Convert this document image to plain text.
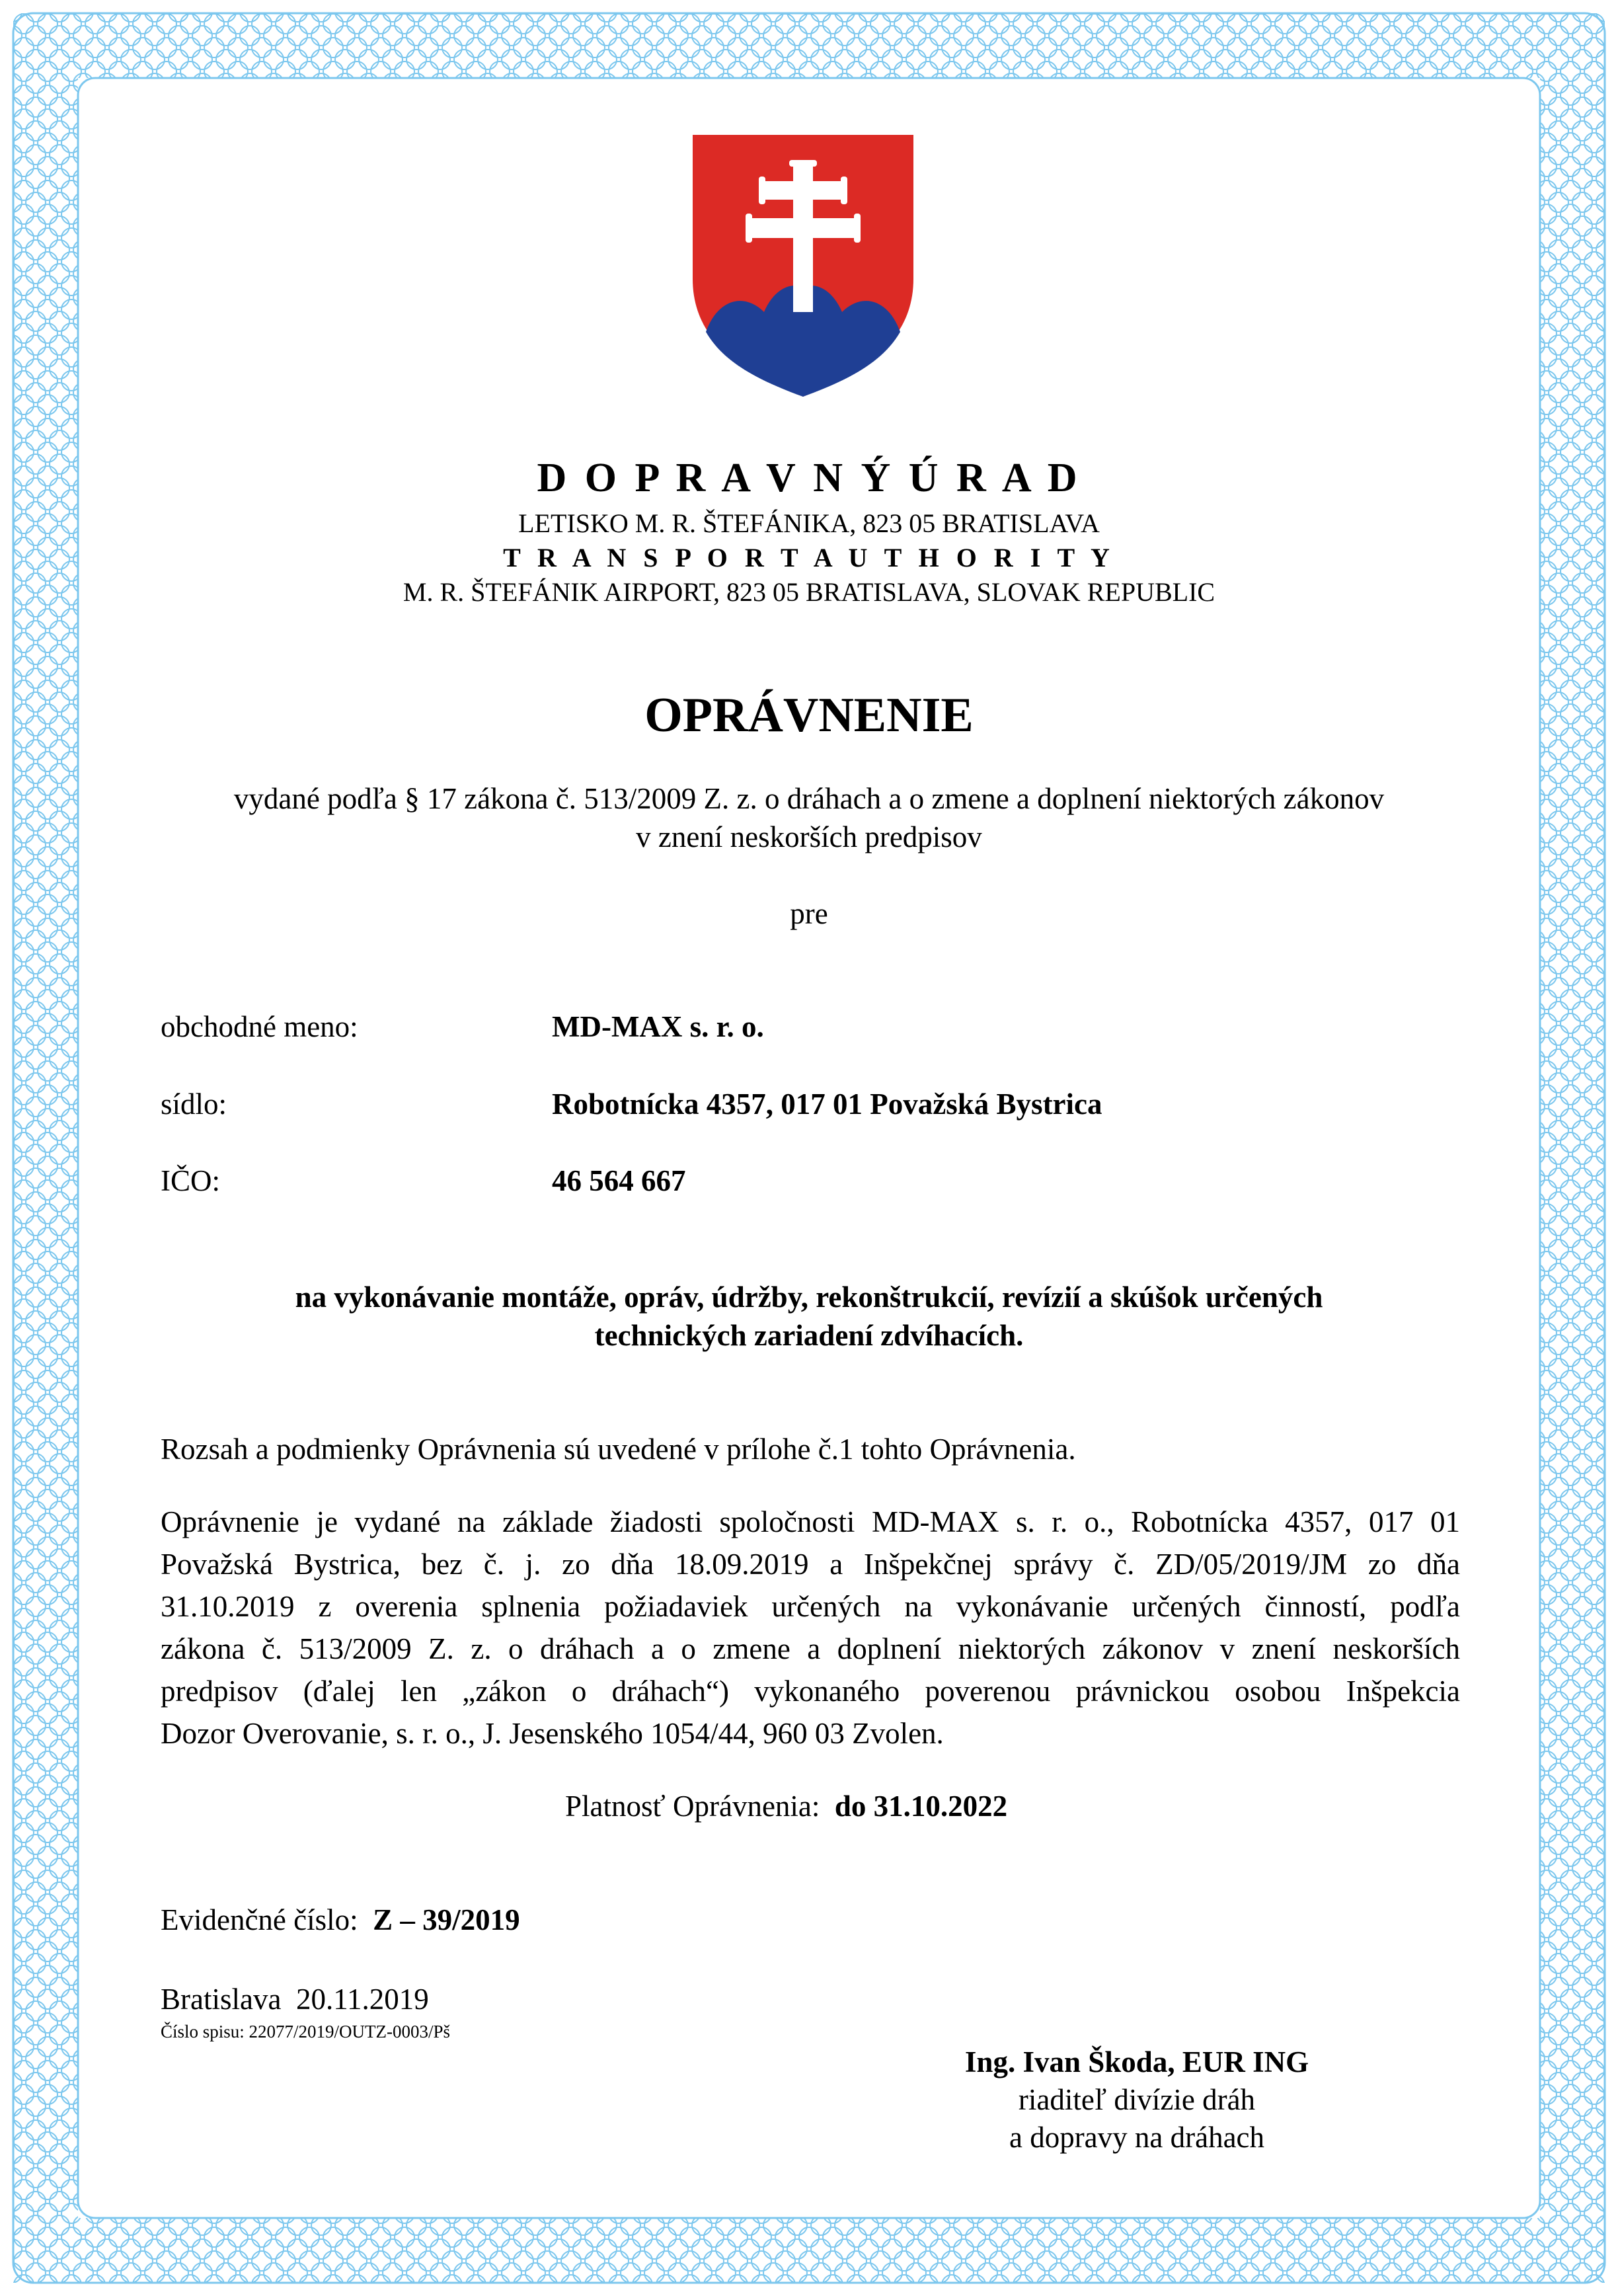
D O P R A V N Ý Ú R A D
LETISKO M. R. ŠTEFÁNIKA, 823 05 BRATISLAVA
T R A N S P O R T A U T H O R I T Y
M. R. ŠTEFÁNIK AIRPORT, 823 05 BRATISLAVA, SLOVAK REPUBLIC
OPRÁVNENIE
vydané podľa § 17 zákona č. 513/2009 Z. z. o dráhach a o zmene a doplnení niektorých zákonov
v znení neskorších predpisov
pre
obchodné meno:	MD-MAX s. r. o.
sídlo:	Robotnícka 4357, 017 01 Považská Bystrica
IČO:	46 564 667
na vykonávanie montáže, opráv, údržby, rekonštrukcií, revízií a skúšok určených
technických zariadení zdvíhacích.
Rozsah a podmienky Oprávnenia sú uvedené v prílohe č.1 tohto Oprávnenia.
Oprávnenie je vydané na základe žiadosti spoločnosti MD-MAX s. r. o., Robotnícka 4357, 017 01
Považská Bystrica, bez č. j. zo dňa 18.09.2019 a Inšpekčnej správy č. ZD/05/2019/JM zo dňa
31.10.2019 z overenia splnenia požiadaviek určených na vykonávanie určených činností, podľa
zákona č. 513/2009 Z. z. o dráhach a o zmene a doplnení niektorých zákonov v znení neskorších
predpisov (ďalej len „zákon o dráhach“) vykonaného poverenou právnickou osobou Inšpekcia
Dozor Overovanie, s. r. o., J. Jesenského 1054/44, 960 03 Zvolen.
Platnosť Oprávnenia: do 31.10.2022
Evidenčné číslo: Z – 39/2019
Bratislava  20.11.2019
Číslo spisu: 22077/2019/OUTZ-0003/Pš
Ing. Ivan Škoda, EUR ING
riaditeľ divízie dráh
a dopravy na dráhach
